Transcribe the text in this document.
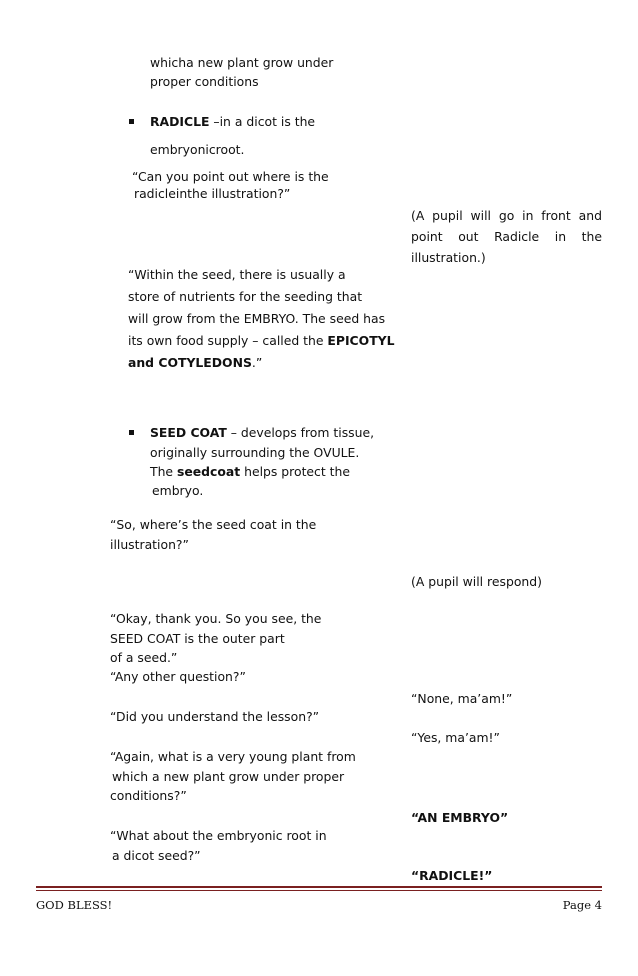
whicha new plant grow under
proper conditions
RADICLE –in a dicot is the
embryonicroot.
“Can you point out where is the
radicleinthe illustration?”
“Within the seed, there is usually a
store of nutrients for the seeding that
will grow from the EMBRYO. The seed has
its own food supply – called the EPICOTYL
and COTYLEDONS.”
SEED COAT – develops from tissue,
originally surrounding the OVULE.
The seedcoat helps protect the
embryo.
“So, where’s the seed coat in the
illustration?”
“Okay, thank you. So you see, the
SEED COAT is the outer part
of a seed.”
“Any other question?”
“Did you understand the lesson?”
“Again, what is a very young plant from
which a new plant grow under proper
conditions?”
“What about the embryonic root in
a dicot seed?”
(A pupil will go in front and
point out Radicle in the
illustration.)
(A pupil will respond)
“None, ma’am!”
“Yes, ma’am!”
“AN EMBRYO”
“RADICLE!”
GOD BLESS!	Page 4
